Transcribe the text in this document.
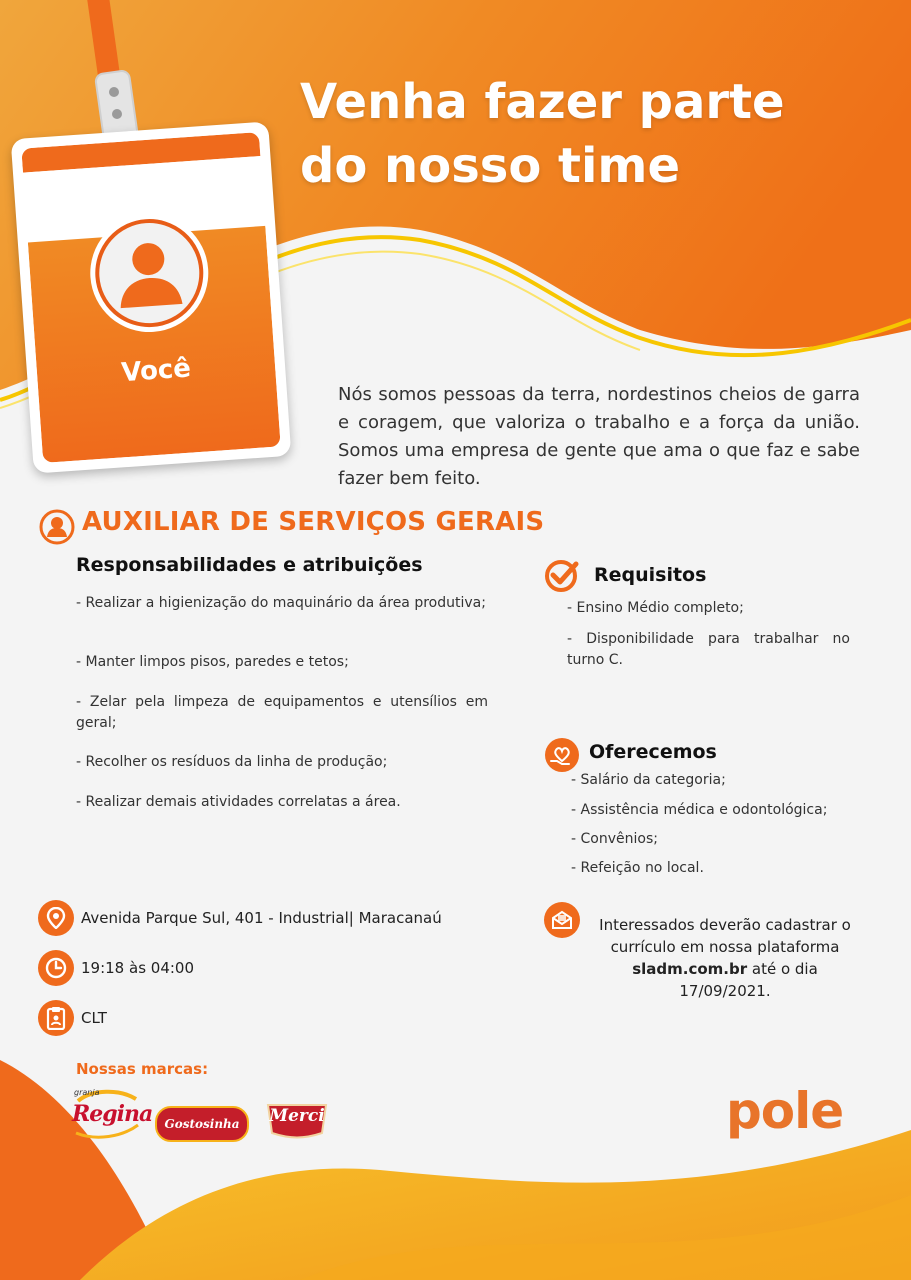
Você
Venha fazer parte
do nosso time
Nós somos pessoas da terra, nordestinos cheios de garra e coragem, que valoriza o trabalho e a força da união. Somos uma empresa de gente que ama o que faz e sabe fazer bem feito.
AUXILIAR DE SERVIÇOS GERAIS
Responsabilidades e atribuições
- Realizar a higienização do maquinário da área produtiva;
- Manter limpos pisos, paredes e tetos;
- Zelar pela limpeza de equipamentos e utensílios em geral;
- Recolher os resíduos da linha de produção;
- Realizar demais atividades correlatas a área.
Requisitos
- Ensino Médio completo;
- Disponibilidade para trabalhar no turno C.
Oferecemos
- Salário da categoria;
- Assistência médica e odontológica;
- Convênios;
- Refeição no local.
Avenida Parque Sul, 401 - Industrial| Maracanaú
19:18 às 04:00
CLT
Interessados deverão cadastrar o
currículo em nossa plataforma
sladm.com.br até o dia
17/09/2021.
Nossas marcas:
granja
Regina Gostosinha	Merci	pole
